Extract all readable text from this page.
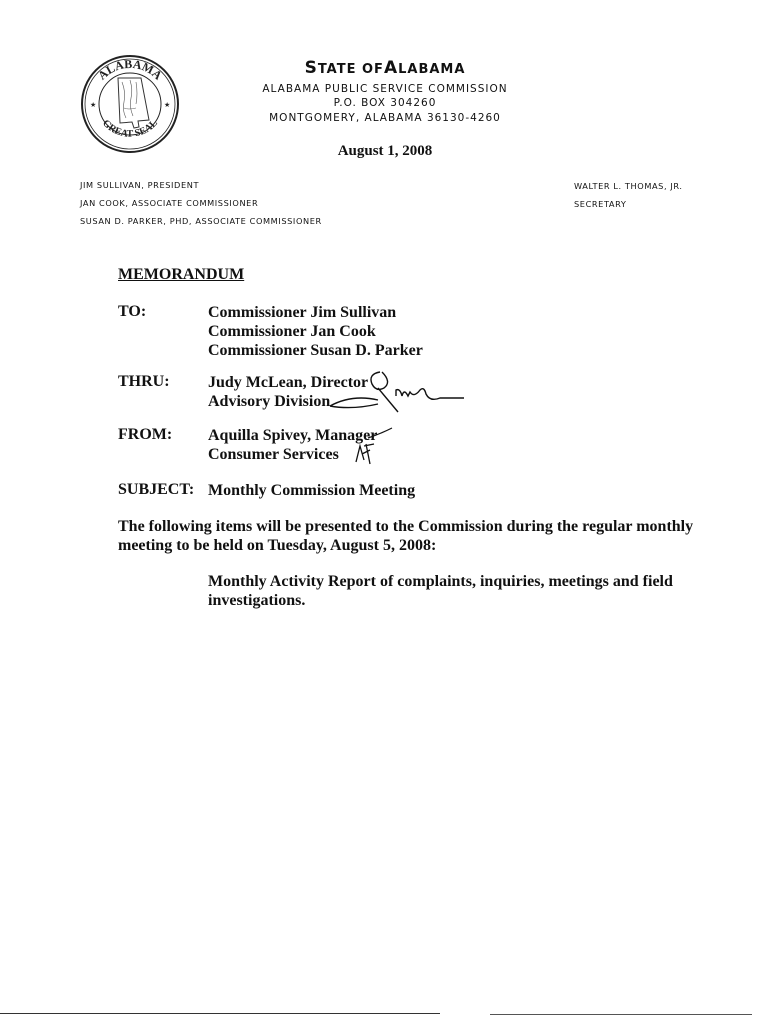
ALABAMA
GREAT SEAL
★	★
STATE OFALABAMA
ALABAMA PUBLIC SERVICE COMMISSION
P.O. BOX 304260
MONTGOMERY, ALABAMA 36130-4260
August 1, 2008
JIM SULLIVAN, PRESIDENT
JAN COOK, ASSOCIATE COMMISSIONER
SUSAN D. PARKER, PHD, ASSOCIATE COMMISSIONER
WALTER L. THOMAS, JR.
SECRETARY
MEMORANDUM
TO:	Commissioner Jim Sullivan
Commissioner Jan Cook
Commissioner Susan D. Parker
THRU: Judy McLean, Director
Advisory Division
FROM: Aquilla Spivey, Manager
Consumer Services
SUBJECT: Monthly Commission Meeting
The following items will be presented to the Commission during the regular monthly
meeting to be held on Tuesday, August 5, 2008:
Monthly Activity Report of complaints, inquiries, meetings and field
investigations.
